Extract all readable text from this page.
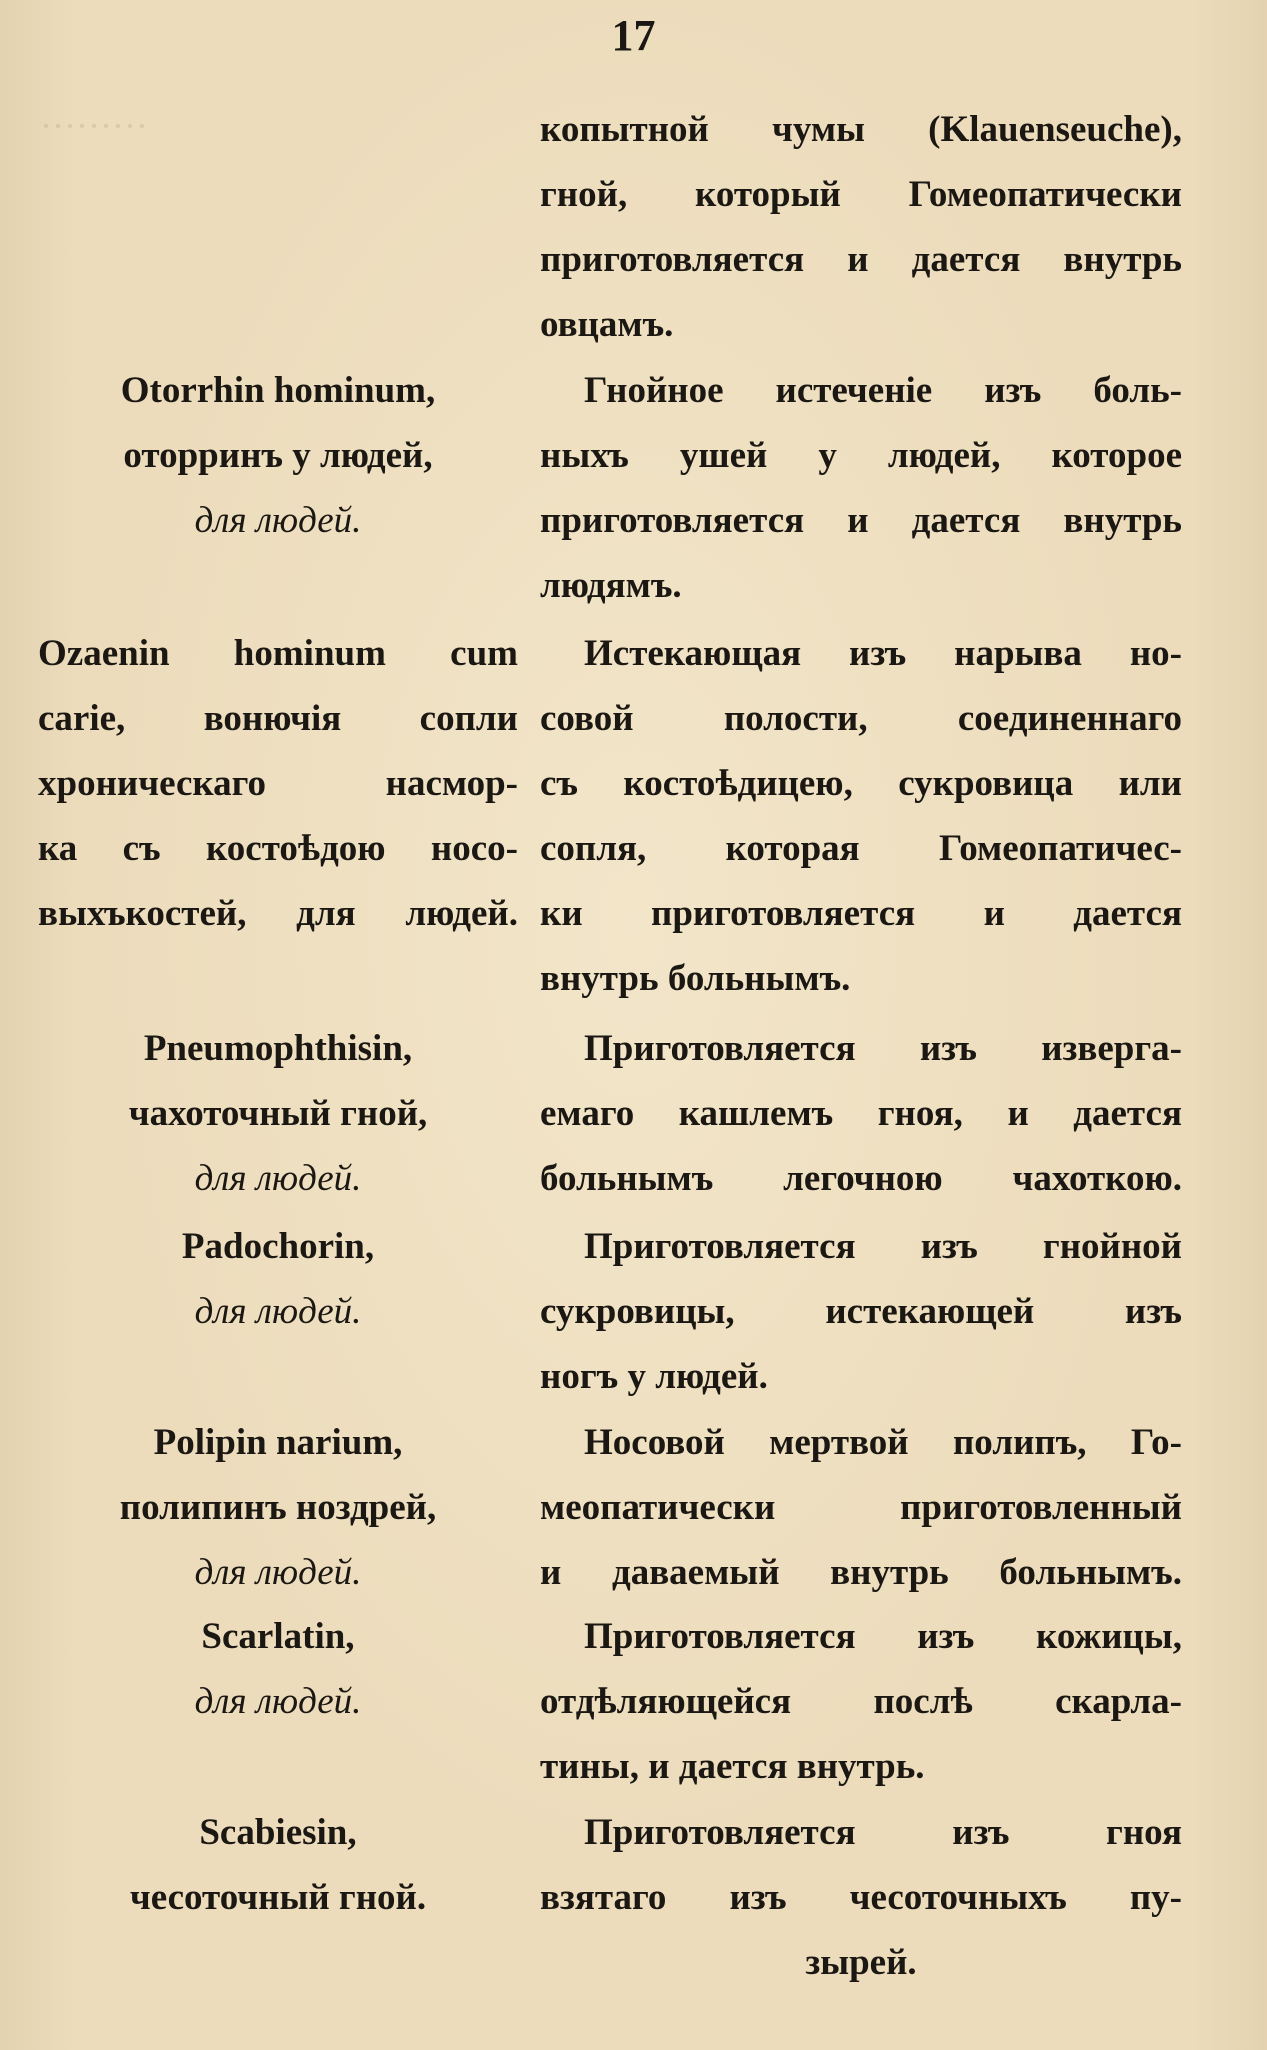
17
·········
Otorrhin hominum,
оторринъ у людей,
для людей.
Ozaenin hominum cum
carie, вонючія сопли
хроническаго насмор-
ка съ костоѣдою носо-
выхъкостей, для людей.
Pneumophthisin,
чахоточный гной,
для людей.
Padochorin,
для людей.
Polipin narium,
полипинъ ноздрей,
для людей.
Scarlatin,
для людей.
Scabiesin,
чесоточный гной.
копытной чумы (Klauenseuche),
гной, который Гомеопатически
приготовляется и дается внутрь
овцамъ.
Гнойное истеченіе изъ боль-
ныхъ ушей у людей, которое
приготовляется и дается внутрь
людямъ.
Истекающая изъ нарыва но-
совой полости, соединеннаго
съ костоѣдицею, сукровица или
сопля, которая Гомеопатичес-
ки приготовляется и дается
внутрь больнымъ.
Приготовляется изъ изверга-
емаго кашлемъ гноя, и дается
больнымъ легочною чахоткою.
Приготовляется изъ гнойной
сукровицы, истекающей изъ
ногъ у людей.
Носовой мертвой полипъ, Го-
меопатически приготовленный
и даваемый внутрь больнымъ.
Приготовляется изъ кожицы,
отдѣляющейся послѣ скарла-
тины, и дается внутрь.
Приготовляется изъ гноя
взятаго изъ чесоточныхъ пу-
зырей.
